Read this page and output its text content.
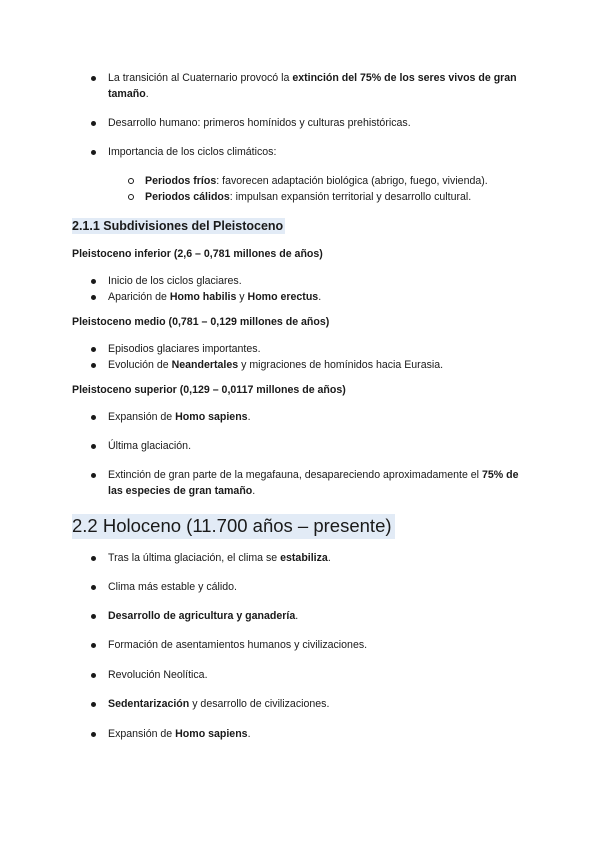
La transición al Cuaternario provocó la extinción del 75% de los seres vivos de gran tamaño.
Desarrollo humano: primeros homínidos y culturas prehistóricas.
Importancia de los ciclos climáticos:
Periodos fríos: favorecen adaptación biológica (abrigo, fuego, vivienda).
Periodos cálidos: impulsan expansión territorial y desarrollo cultural.
2.1.1 Subdivisiones del Pleistoceno
Pleistoceno inferior (2,6 – 0,781 millones de años)
Inicio de los ciclos glaciares.
Aparición de Homo habilis y Homo erectus.
Pleistoceno medio (0,781 – 0,129 millones de años)
Episodios glaciares importantes.
Evolución de Neandertales y migraciones de homínidos hacia Eurasia.
Pleistoceno superior (0,129 – 0,0117 millones de años)
Expansión de Homo sapiens.
Última glaciación.
Extinción de gran parte de la megafauna, desapareciendo aproximadamente el 75% de las especies de gran tamaño.
2.2 Holoceno (11.700 años – presente)
Tras la última glaciación, el clima se estabiliza.
Clima más estable y cálido.
Desarrollo de agricultura y ganadería.
Formación de asentamientos humanos y civilizaciones.
Revolución Neolítica.
Sedentarización y desarrollo de civilizaciones.
Expansión de Homo sapiens.
